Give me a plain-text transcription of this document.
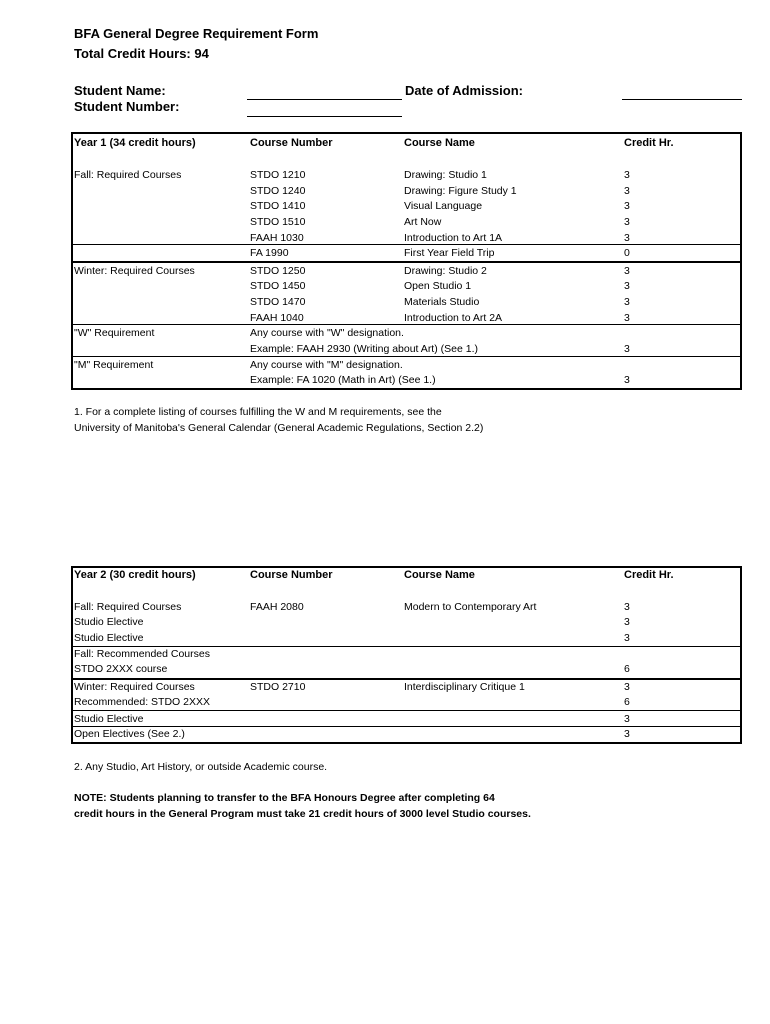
BFA General Degree Requirement Form
Total Credit Hours: 94
Student Name:
Student Number:
Date of Admission:
Year 1 (34 credit hours)	Course Number	Course Name	Credit Hr.
Fall: Required Courses	STDO 1210	Drawing: Studio 1	3
STDO 1240	Drawing: Figure Study 1	3
STDO 1410	Visual Language	3
STDO 1510	Art Now	3
FAAH 1030	Introduction to Art 1A	3
FA 1990	First Year Field Trip	0
Winter: Required Courses	STDO 1250	Drawing: Studio 2	3
STDO 1450	Open Studio 1	3
STDO 1470	Materials Studio	3
FAAH 1040	Introduction to Art 2A	3
"W" Requirement	Any course with "W" designation.
Example: FAAH 2930 (Writing about Art) (See 1.)	3
"M" Requirement	Any course with "M" designation.
Example: FA 1020 (Math in Art) (See 1.)	3
1. For a complete listing of courses fulfilling the W and M requirements, see the
University of Manitoba's General Calendar (General Academic Regulations, Section 2.2)
Year 2 (30 credit hours)	Course Number	Course Name	Credit Hr.
Fall: Required Courses	FAAH 2080	Modern to Contemporary Art	3
Studio Elective	3
Studio Elective	3
Fall: Recommended Courses
STDO 2XXX course	6
Winter: Required Courses	STDO 2710	Interdisciplinary Critique 1	3
Recommended: STDO 2XXX	6
Studio Elective	3
Open Electives (See 2.)	3
2. Any Studio, Art History, or outside Academic course.
NOTE: Students planning to transfer to the BFA Honours Degree after completing 64
credit hours in the General Program must take 21 credit hours of 3000 level Studio courses.
